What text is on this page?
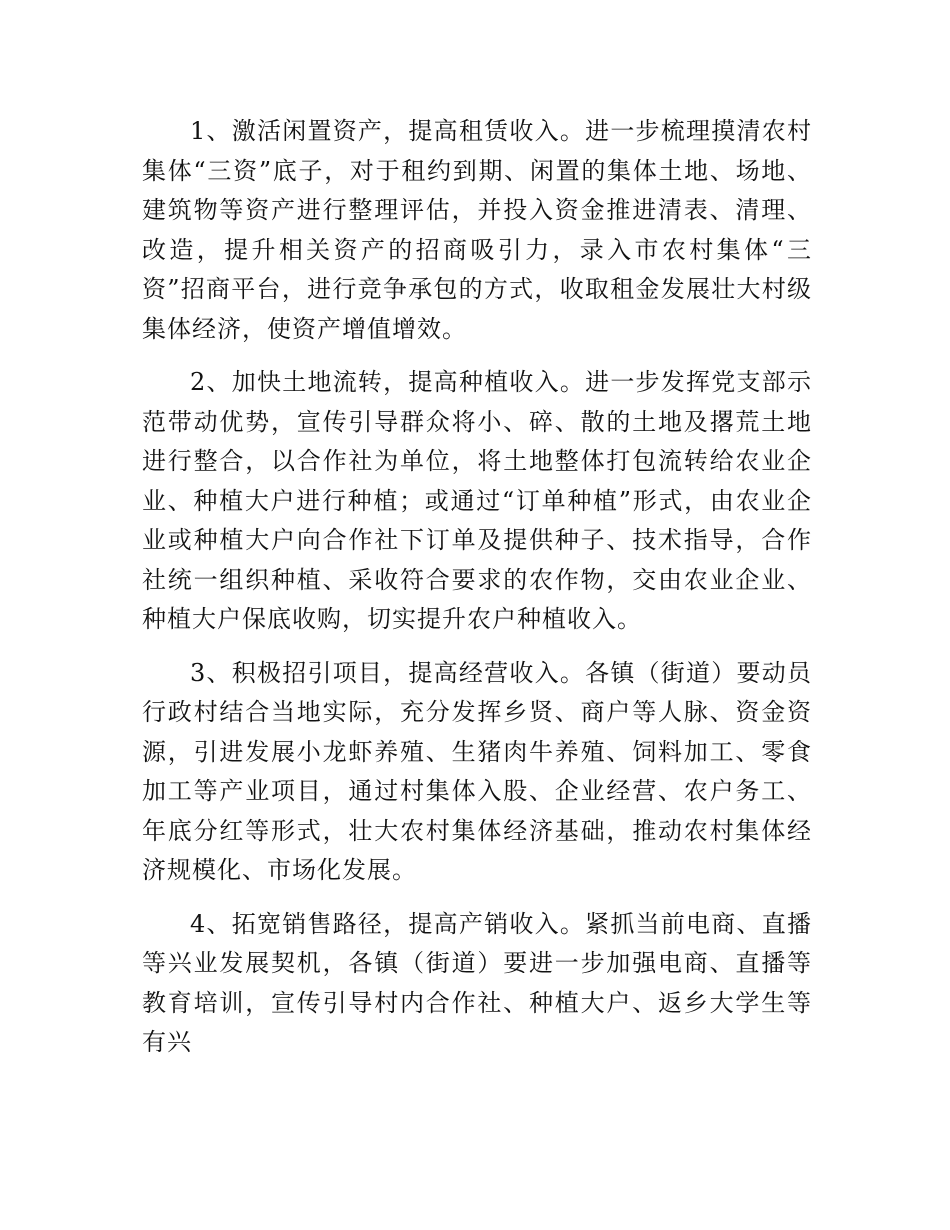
1、激活闲置资产，提高租赁收入。进一步梳理摸清农村集体“三资”底子，对于租约到期、闲置的集体土地、场地、建筑物等资产进行整理评估，并投入资金推进清表、清理、改造，提升相关资产的招商吸引力，录入市农村集体“三资”招商平台，进行竞争承包的方式，收取租金发展壮大村级集体经济，使资产增值增效。

2、加快土地流转，提高种植收入。进一步发挥党支部示范带动优势，宣传引导群众将小、碎、散的土地及撂荒土地进行整合，以合作社为单位，将土地整体打包流转给农业企业、种植大户进行种植；或通过“订单种植”形式，由农业企业或种植大户向合作社下订单及提供种子、技术指导，合作社统一组织种植、采收符合要求的农作物，交由农业企业、种植大户保底收购，切实提升农户种植收入。

3、积极招引项目，提高经营收入。各镇（街道）要动员行政村结合当地实际，充分发挥乡贤、商户等人脉、资金资源，引进发展小龙虾养殖、生猪肉牛养殖、饲料加工、零食加工等产业项目，通过村集体入股、企业经营、农户务工、年底分红等形式，壮大农村集体经济基础，推动农村集体经济规模化、市场化发展。

4、拓宽销售路径，提高产销收入。紧抓当前电商、直播等兴业发展契机，各镇（街道）要进一步加强电商、直播等教育培训，宣传引导村内合作社、种植大户、返乡大学生等有兴
